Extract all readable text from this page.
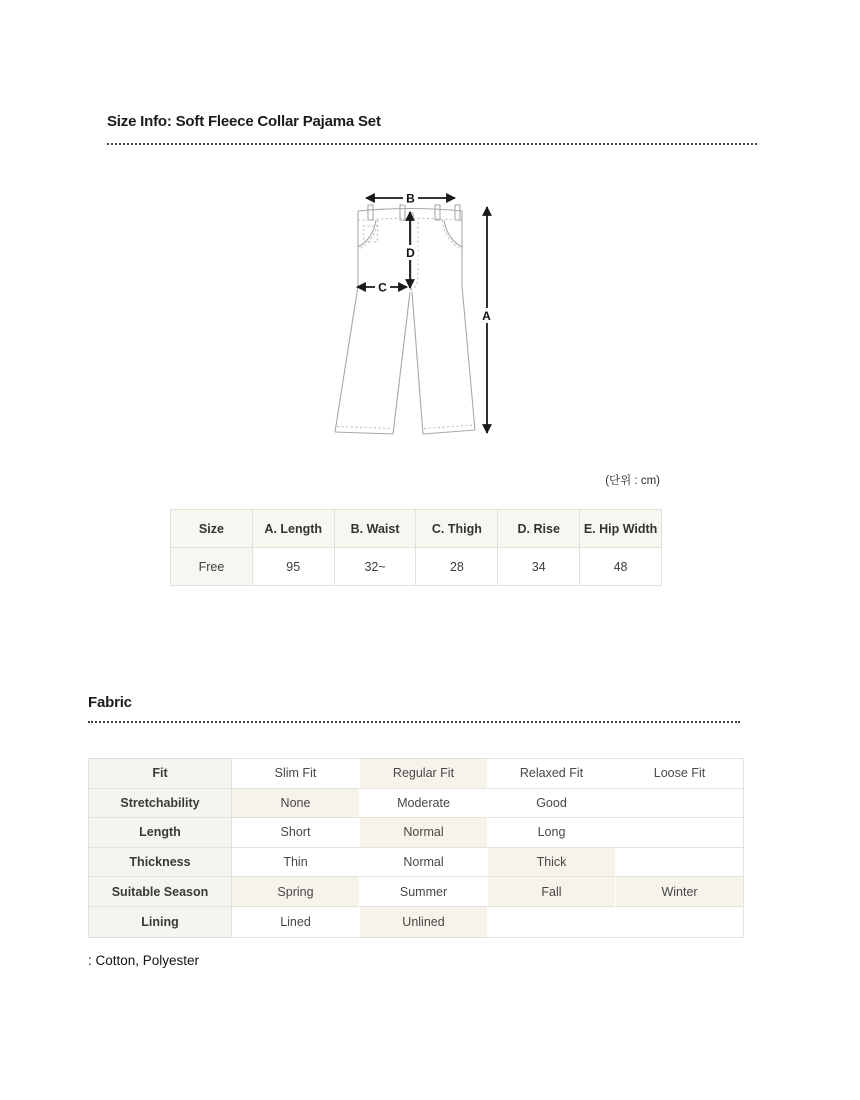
Size Info: Soft Fleece Collar Pajama Set
B
A
D
C
(단위 : cm)
Size	A. Length	B. Waist	C. Thigh	D. Rise	E. Hip Width
Free	95	32~	28	34	48
Fabric
Fit	Slim Fit	Regular Fit	Relaxed Fit	Loose Fit
Stretchability	None	Moderate	Good	
Length	Short	Normal	Long	
Thickness	Thin	Normal	Thick	
Suitable Season	Spring	Summer	Fall	Winter
Lining	Lined	Unlined		
: Cotton, Polyester
